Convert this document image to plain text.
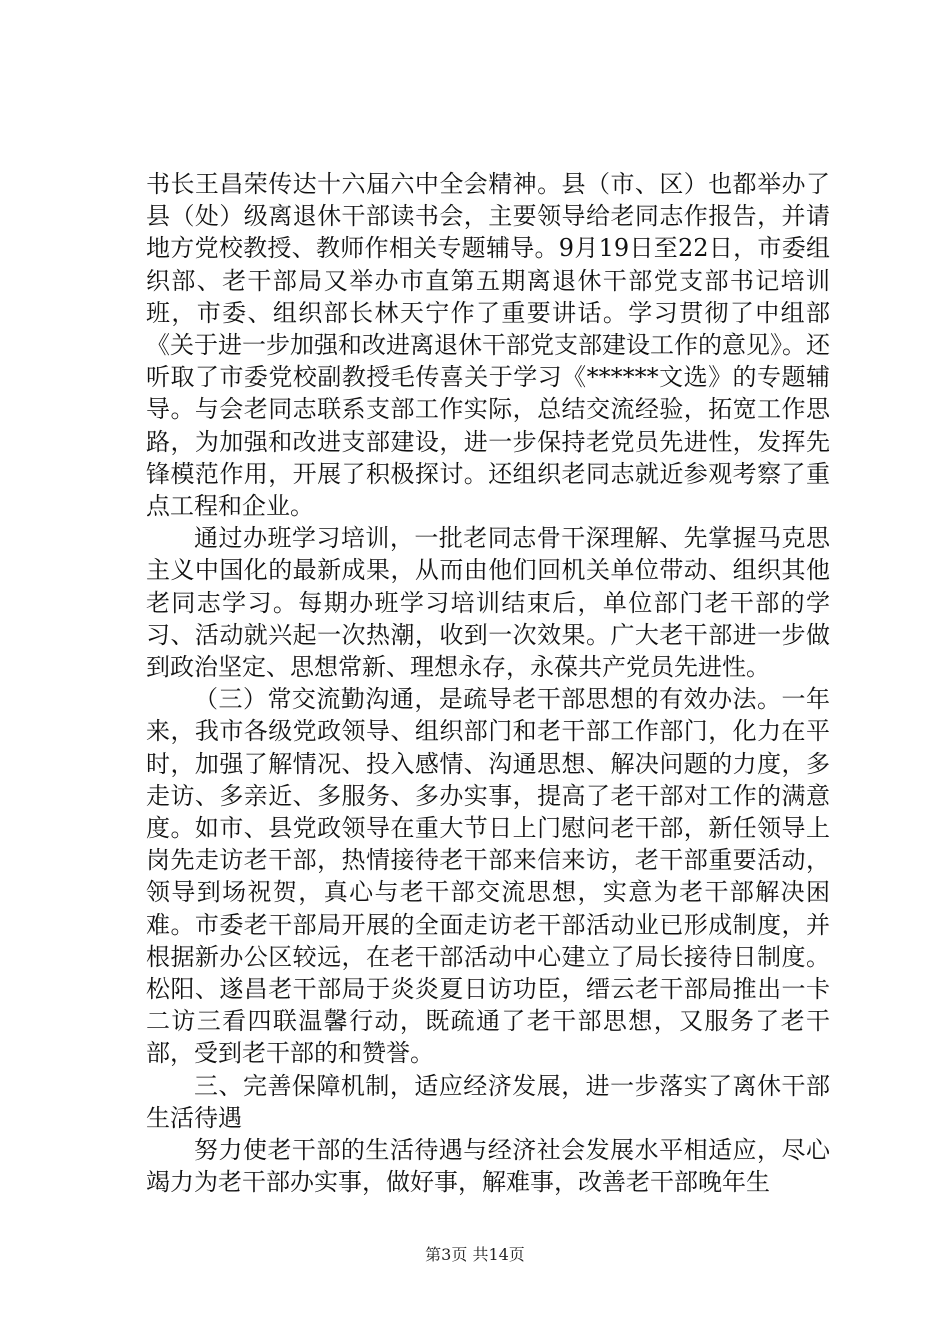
书长王昌荣传达十六届六中全会精神。县（市、区）也都举办了县（处）级离退休干部读书会，主要领导给老同志作报告，并请地方党校教授、教师作相关专题辅导。9月19日至22日，市委组织部、老干部局又举办市直第五期离退休干部党支部书记培训班，市委、组织部长林天宁作了重要讲话。学习贯彻了中组部《关于进一步加强和改进离退休干部党支部建设工作的意见》。还听取了市委党校副教授毛传喜关于学习《******文选》的专题辅导。与会老同志联系支部工作实际，总结交流经验，拓宽工作思路，为加强和改进支部建设，进一步保持老党员先进性，发挥先锋模范作用，开展了积极探讨。还组织老同志就近参观考察了重点工程和企业。

通过办班学习培训，一批老同志骨干深理解、先掌握马克思主义中国化的最新成果，从而由他们回机关单位带动、组织其他老同志学习。每期办班学习培训结束后，单位部门老干部的学习、活动就兴起一次热潮，收到一次效果。广大老干部进一步做到政治坚定、思想常新、理想永存，永葆共产党员先进性。

（三）常交流勤沟通，是疏导老干部思想的有效办法。一年来，我市各级党政领导、组织部门和老干部工作部门，化力在平时，加强了解情况、投入感情、沟通思想、解决问题的力度，多走访、多亲近、多服务、多办实事，提高了老干部对工作的满意度。如市、县党政领导在重大节日上门慰问老干部，新任领导上岗先走访老干部，热情接待老干部来信来访，老干部重要活动，领导到场祝贺，真心与老干部交流思想，实意为老干部解决困难。市委老干部局开展的全面走访老干部活动业已形成制度，并根据新办公区较远，在老干部活动中心建立了局长接待日制度。松阳、遂昌老干部局于炎炎夏日访功臣，缙云老干部局推出一卡二访三看四联温馨行动，既疏通了老干部思想，又服务了老干部，受到老干部的和赞誉。

三、完善保障机制，适应经济发展，进一步落实了离休干部生活待遇

努力使老干部的生活待遇与经济社会发展水平相适应，尽心竭力为老干部办实事，做好事，解难事，改善老干部晚年生

第3页 共14页
